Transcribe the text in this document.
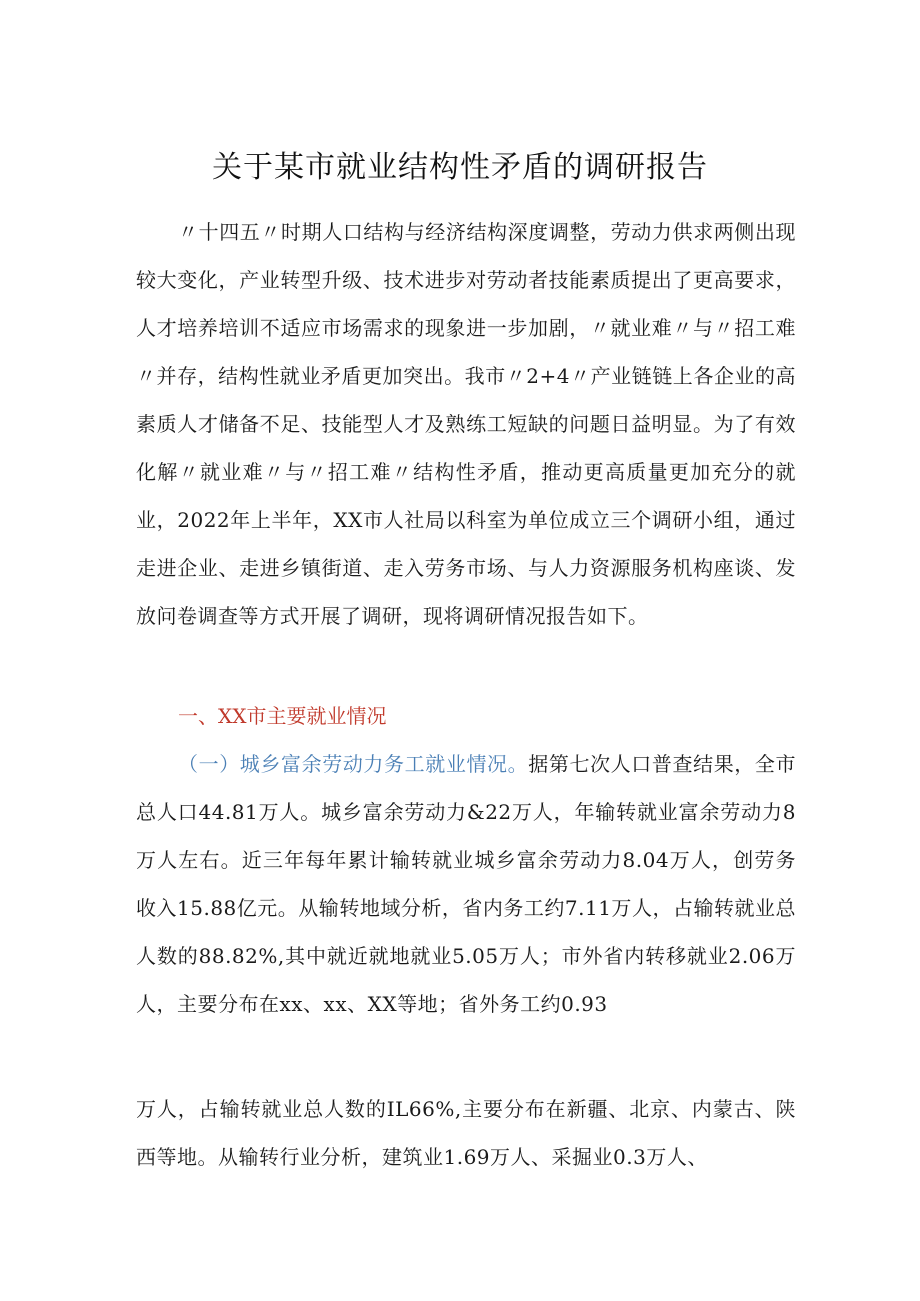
关于某市就业结构性矛盾的调研报告

〃十四五〃时期人口结构与经济结构深度调整，劳动力供求两侧出现较大变化，产业转型升级、技术进步对劳动者技能素质提出了更高要求，人才培养培训不适应市场需求的现象进一步加剧，〃就业难〃与〃招工难〃并存，结构性就业矛盾更加突出。我市〃2+4〃产业链链上各企业的高素质人才储备不足、技能型人才及熟练工短缺的问题日益明显。为了有效化解〃就业难〃与〃招工难〃结构性矛盾，推动更高质量更加充分的就业，2022年上半年，XX市人社局以科室为单位成立三个调研小组，通过走进企业、走进乡镇街道、走入劳务市场、与人力资源服务机构座谈、发放问卷调查等方式开展了调研，现将调研情况报告如下。

一、XX市主要就业情况

（一）城乡富余劳动力务工就业情况。据第七次人口普查结果，全市总人口44.81万人。城乡富余劳动力&22万人，年输转就业富余劳动力8万人左右。近三年每年累计输转就业城乡富余劳动力8.04万人，创劳务收入15.88亿元。从输转地域分析，省内务工约7.11万人，占输转就业总人数的88.82%,其中就近就地就业5.05万人；市外省内转移就业2.06万人，主要分布在xx、xx、XX等地；省外务工约0.93

万人，占输转就业总人数的IL66%,主要分布在新疆、北京、内蒙古、陕西等地。从输转行业分析，建筑业1.69万人、采掘业0.3万人、
